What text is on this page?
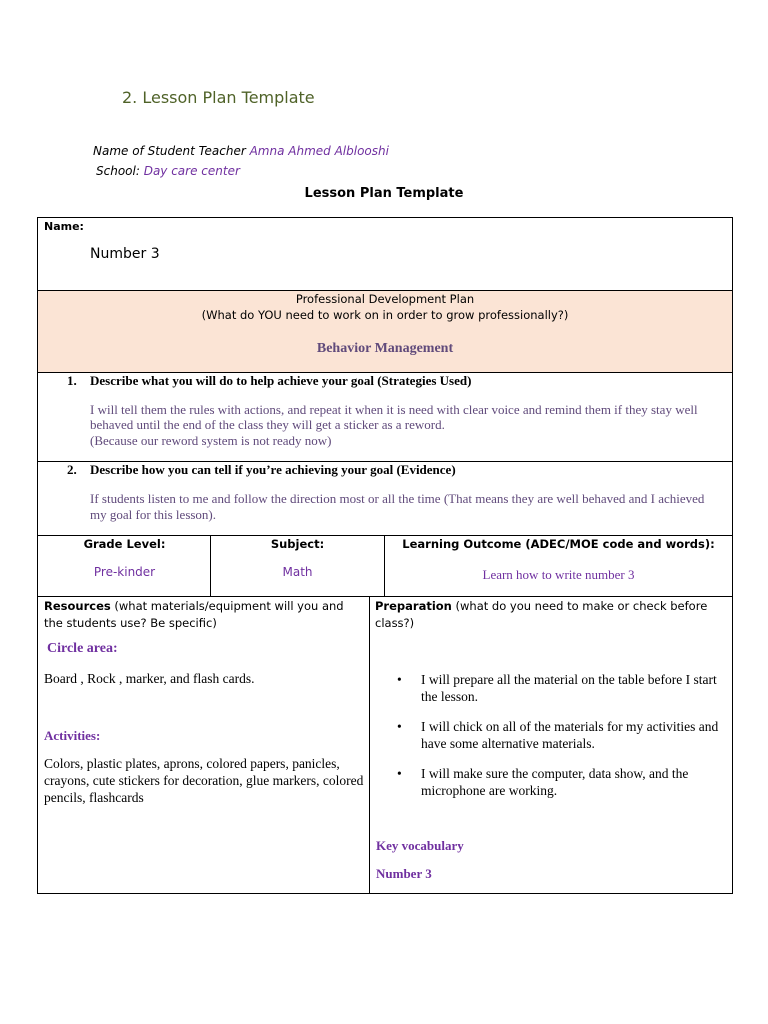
2. Lesson Plan Template
Name of Student Teacher Amna Ahmed Alblooshi
School: Day care center
Lesson Plan Template
Name:
Number 3
Professional Development Plan
(What do YOU need to work on in order to grow professionally?)
Behavior Management
1. Describe what you will do to help achieve your goal (Strategies Used)
I will tell them the rules with actions, and repeat it when it is need with clear voice and remind them if they stay well behaved until the end of the class they will get a sticker as a reword.
(Because our reword system is not ready now)
2. Describe how you can tell if you’re achieving your goal (Evidence)
If students listen to me and follow the direction most or all the time (That means they are well behaved and I achieved my goal for this lesson).
Grade Level:
Pre-kinder
Subject:
Math
Learning Outcome (ADEC/MOE code and words):
Learn how to write number 3
Resources (what materials/equipment will you and the students use? Be specific)
Circle area:
Board , Rock , marker, and flash cards.
Activities:
Colors, plastic plates, aprons, colored papers, panicles, crayons, cute stickers for decoration, glue markers, colored pencils, flashcards
Preparation (what do you need to make or check before class?)
• I will prepare all the material on the table before I start the lesson.
• I will chick on all of the materials for my activities and have some alternative materials.
• I will make sure the computer, data show, and the microphone are working.
Key vocabulary
Number 3
